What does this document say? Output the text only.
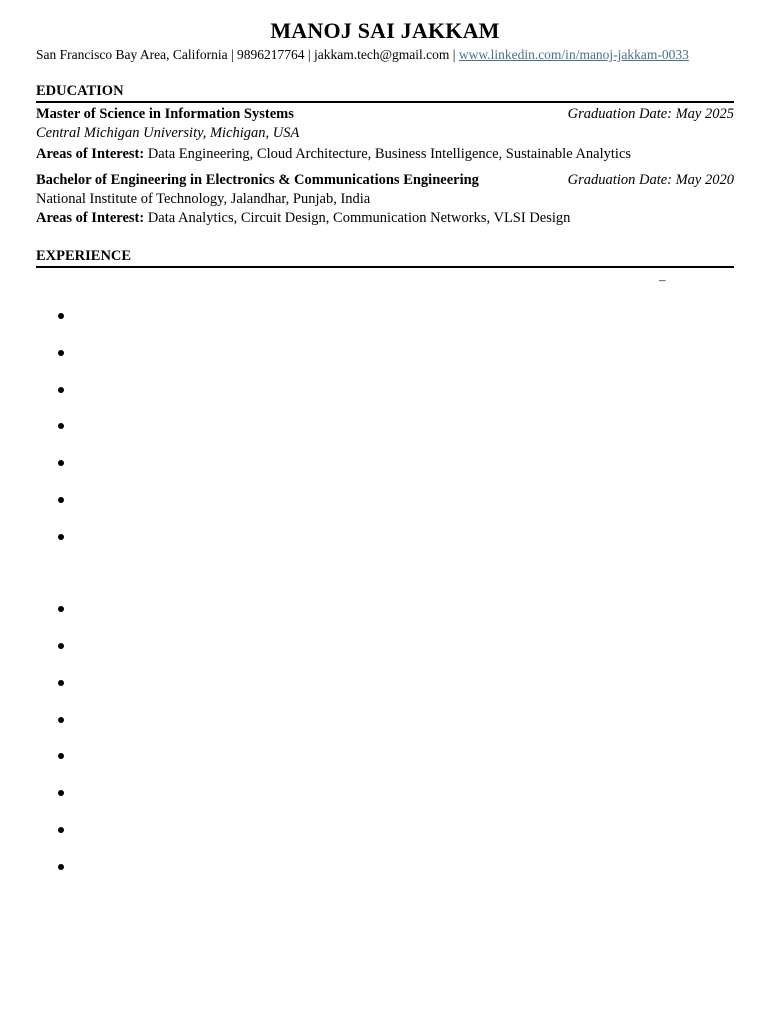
MANOJ SAI JAKKAM
San Francisco Bay Area, California | 9896217764 | jakkam.tech@gmail.com | www.linkedin.com/in/manoj-jakkam-0033
EDUCATION
Master of Science in Information Systems	Graduation Date: May 2025
Central Michigan University, Michigan, USA
Areas of Interest: Data Engineering, Cloud Architecture, Business Intelligence, Sustainable Analytics
Bachelor of Engineering in Electronics & Communications Engineering	Graduation Date: May 2020
National Institute of Technology, Jalandhar, Punjab, India
Areas of Interest: Data Analytics, Circuit Design, Communication Networks, VLSI Design
EXPERIENCE
–
